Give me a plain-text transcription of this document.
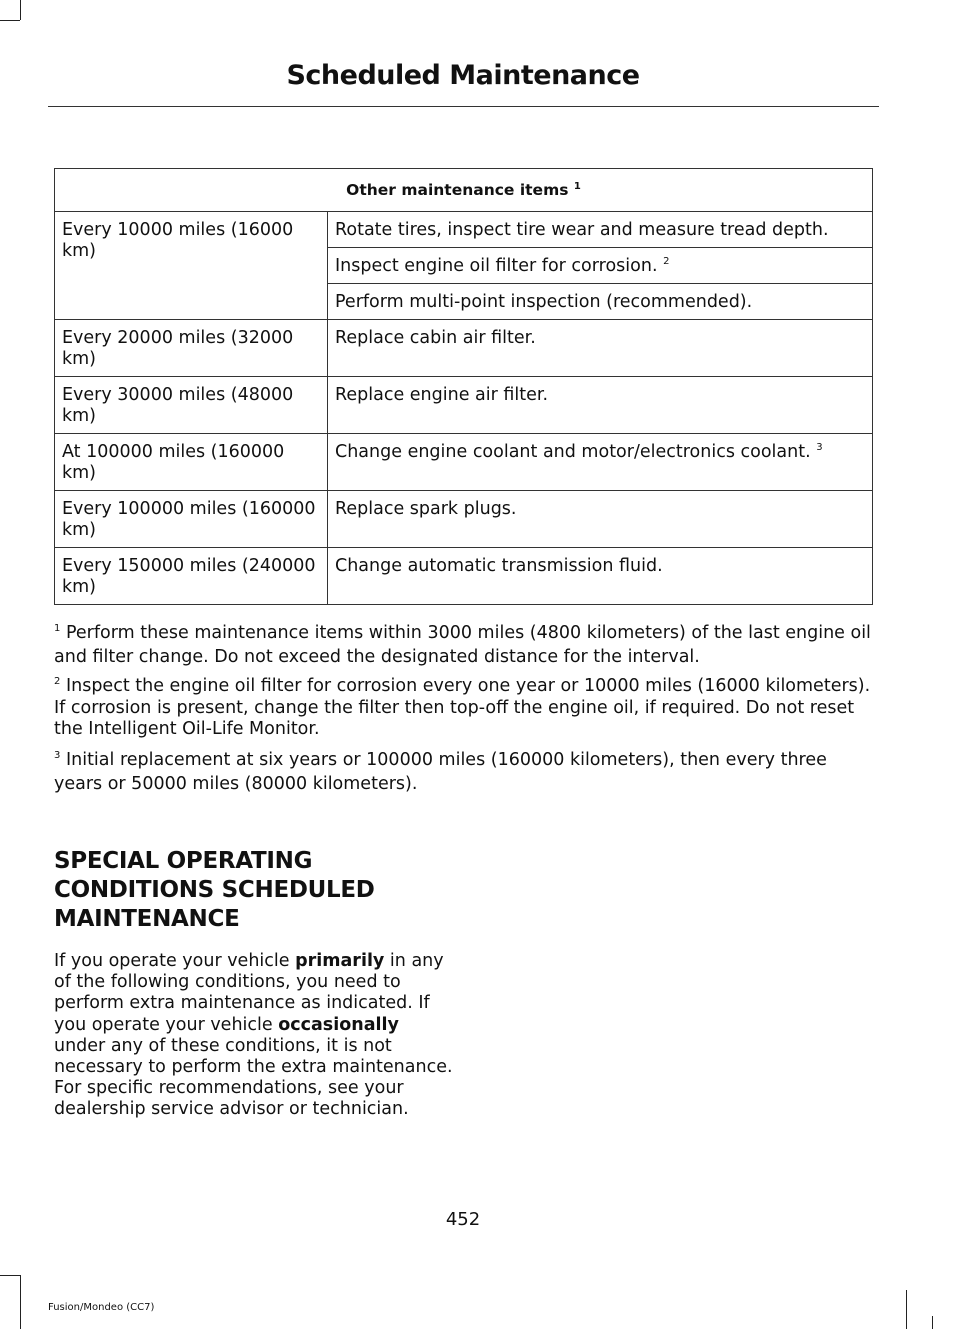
Scheduled Maintenance
Other maintenance items $^1$
Every 10000 miles (16000 km)	Rotate tires, inspect tire wear and measure tread depth.
	Inspect engine oil filter for corrosion. $^2$
	Perform multi-point inspection (recommended).
Every 20000 miles (32000 km)	Replace cabin air filter.
Every 30000 miles (48000 km)	Replace engine air filter.
At 100000 miles (160000 km)	Change engine coolant and motor/electronics coolant. $^3$
Every 100000 miles (160000 km)	Replace spark plugs.
Every 150000 miles (240000 km)	Change automatic transmission fluid.

$^1$ Perform these maintenance items within 3000 miles (4800 kilometers) of the last engine oil and filter change. Do not exceed the designated distance for the interval.

$^2$ Inspect the engine oil filter for corrosion every one year or 10000 miles (16000 kilometers). If corrosion is present, change the filter then top-off the engine oil, if required. Do not reset the Intelligent Oil-Life Monitor.

$^3$ Initial replacement at six years or 100000 miles (160000 kilometers), then every three years or 50000 miles (80000 kilometers).

SPECIAL OPERATING CONDITIONS SCHEDULED MAINTENANCE

If you operate your vehicle primarily in any of the following conditions, you need to perform extra maintenance as indicated. If you operate your vehicle occasionally under any of these conditions, it is not necessary to perform the extra maintenance. For specific recommendations, see your dealership service advisor or technician.

452
Fusion/Mondeo (CC7)
